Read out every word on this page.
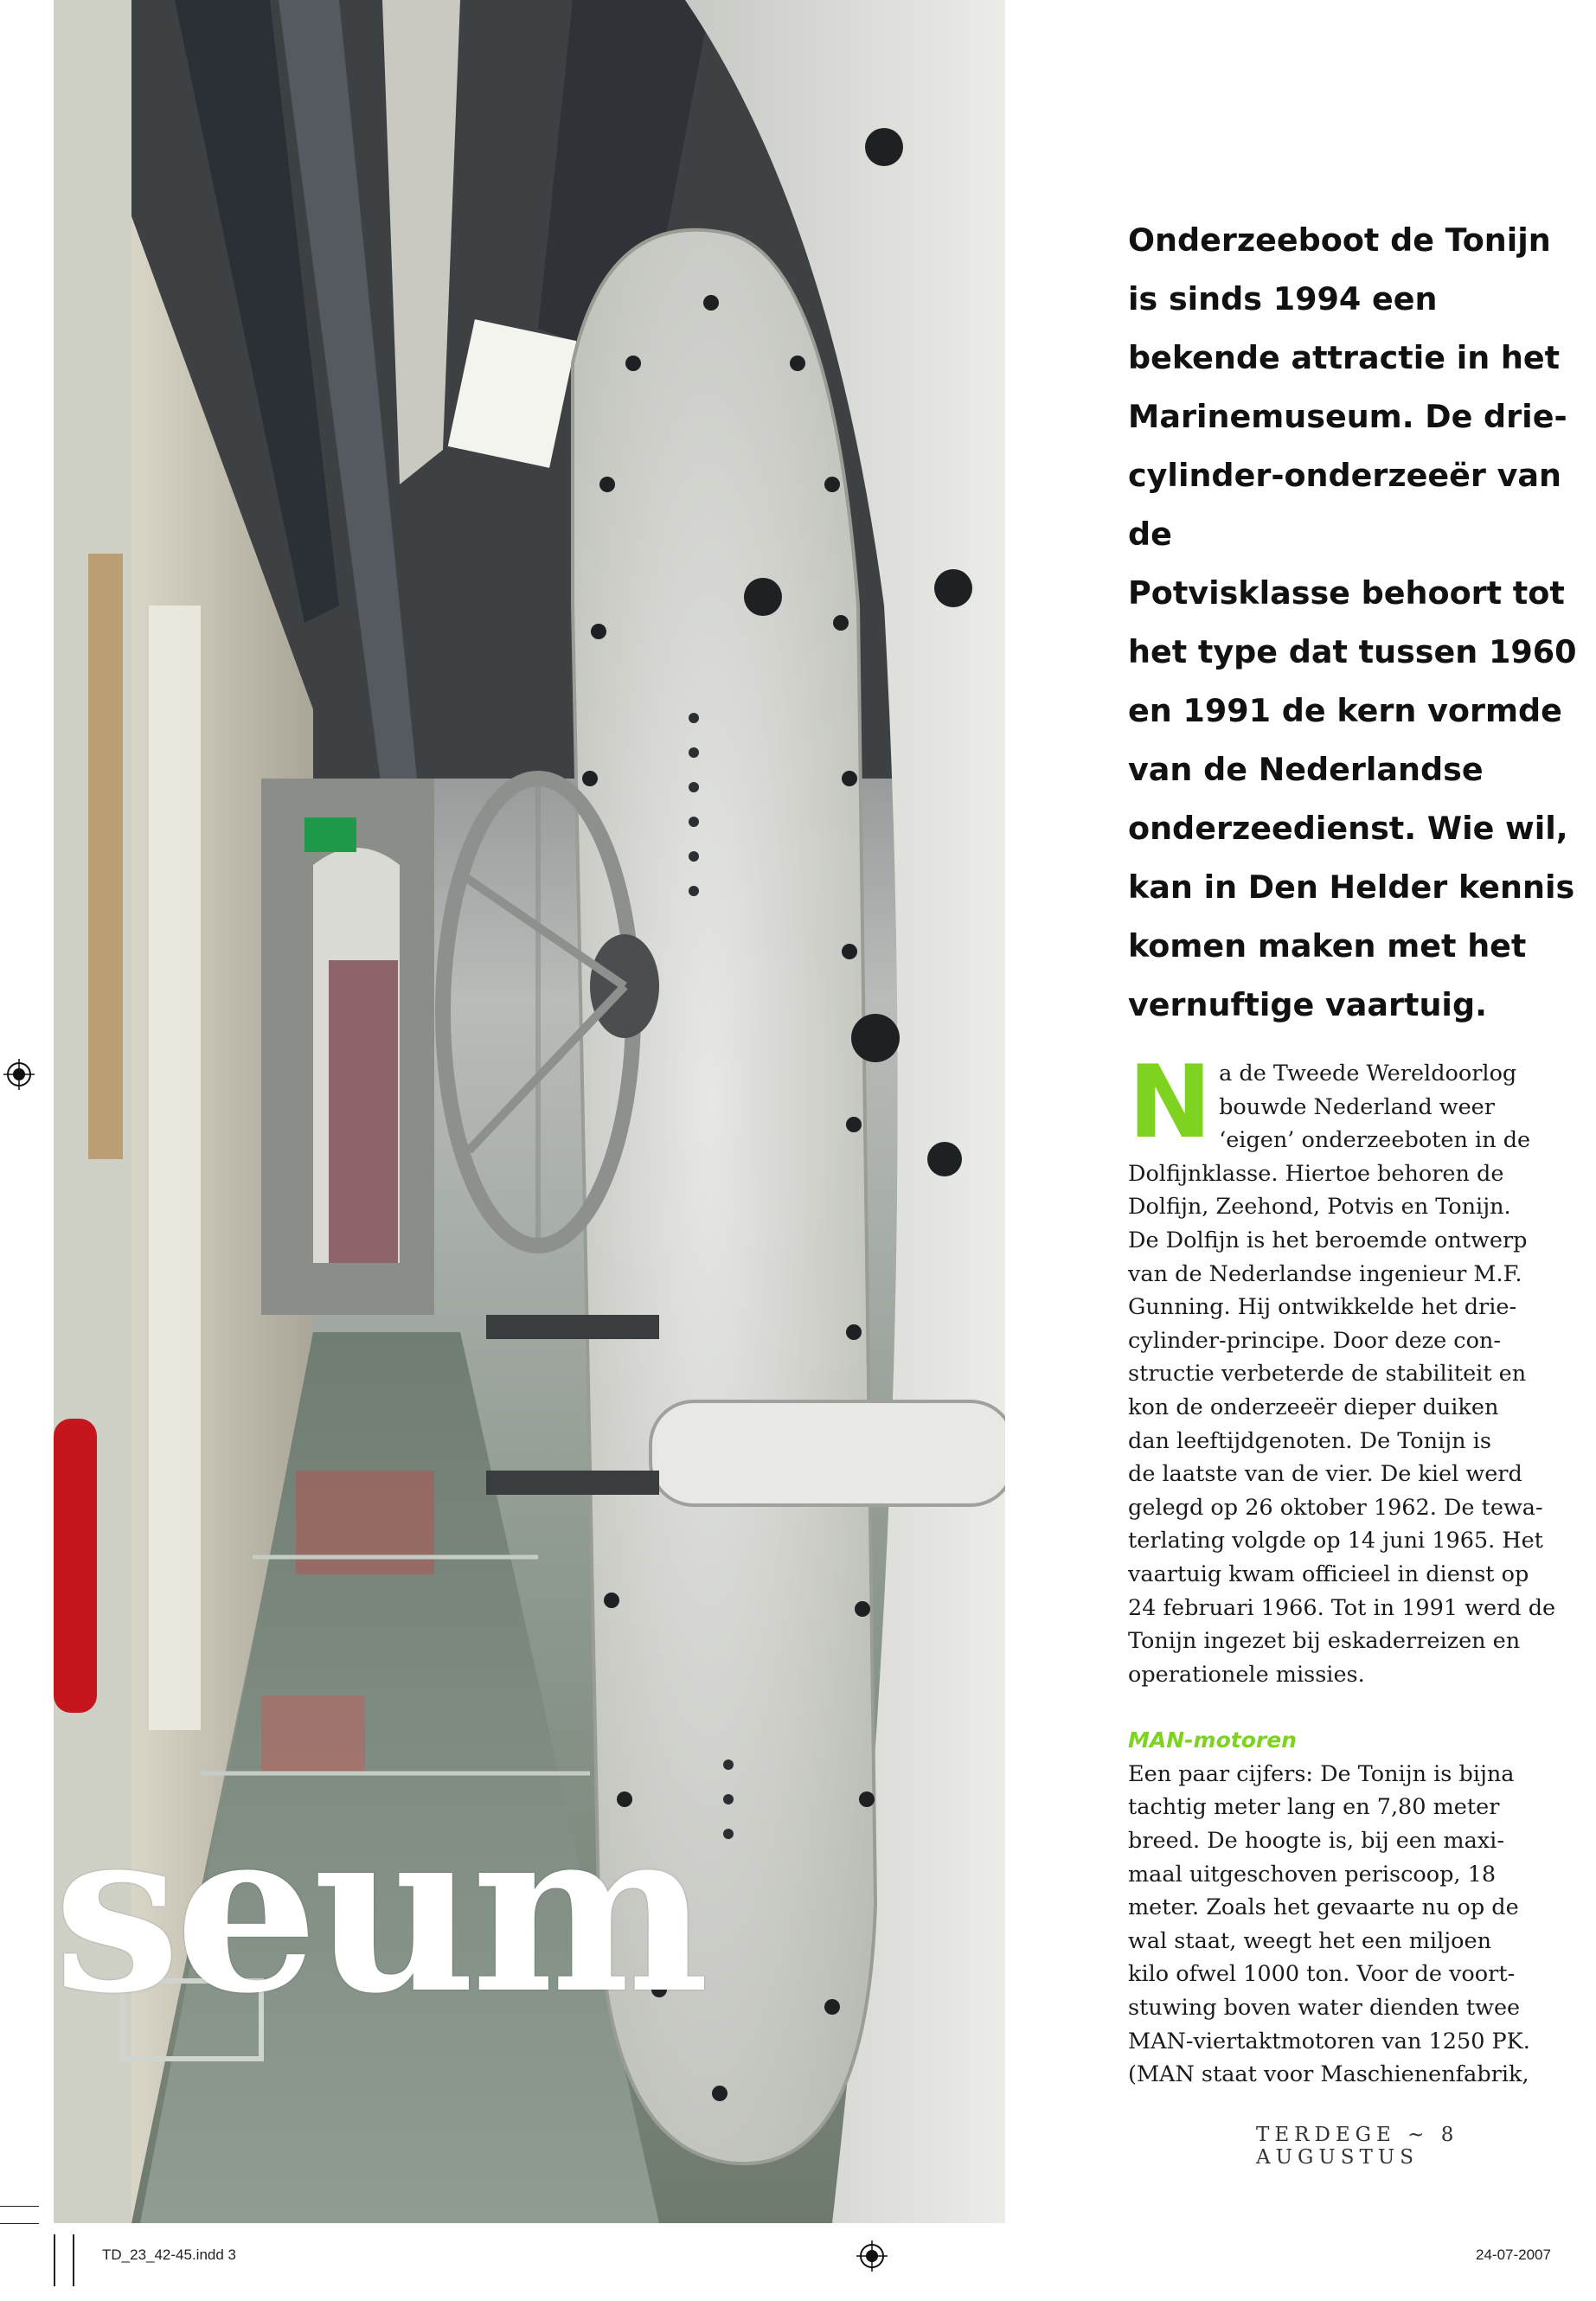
seum

Onderzeeboot de Tonijn

is sinds 1994 een

bekende attractie in het

Marinemuseum. De drie-

cylinder-onderzeeër van de

Potvisklasse behoort tot

het type dat tussen 1960

en 1991 de kern vormde

van de Nederlandse

onderzeedienst. Wie wil,

kan in Den Helder kennis

komen maken met het

vernuftige vaartuig.

N a de Tweede Wereldoorlog

bouwde Nederland weer

‘eigen’ onderzeeboten in de

Dolfijnklasse. Hiertoe behoren de

Dolfijn, Zeehond, Potvis en Tonijn.

De Dolfijn is het beroemde ontwerp

van de Nederlandse ingenieur M.F.

Gunning. Hij ontwikkelde het drie-

cylinder-principe. Door deze con-

structie verbeterde de stabiliteit en

kon de onderzeeër dieper duiken

dan leeftijdgenoten. De Tonijn is

de laatste van de vier. De kiel werd

gelegd op 26 oktober 1962. De tewa-

terlating volgde op 14 juni 1965. Het

vaartuig kwam officieel in dienst op

24 februari 1966. Tot in 1991 werd de

Tonijn ingezet bij eskaderreizen en

operationele missies.

MAN-motoren

Een paar cijfers: De Tonijn is bijna

tachtig meter lang en 7,80 meter

breed. De hoogte is, bij een maxi-

maal uitgeschoven periscoop, 18

meter. Zoals het gevaarte nu op de

wal staat, weegt het een miljoen

kilo ofwel 1000 ton. Voor de voort-

stuwing boven water dienden twee

MAN-viertaktmotoren van 1250 PK.

(MAN staat voor Maschienenfabrik,

TERDEGE ~ 8 AUGUSTUS
TD_23_42-45.indd 3	24-07-2007
